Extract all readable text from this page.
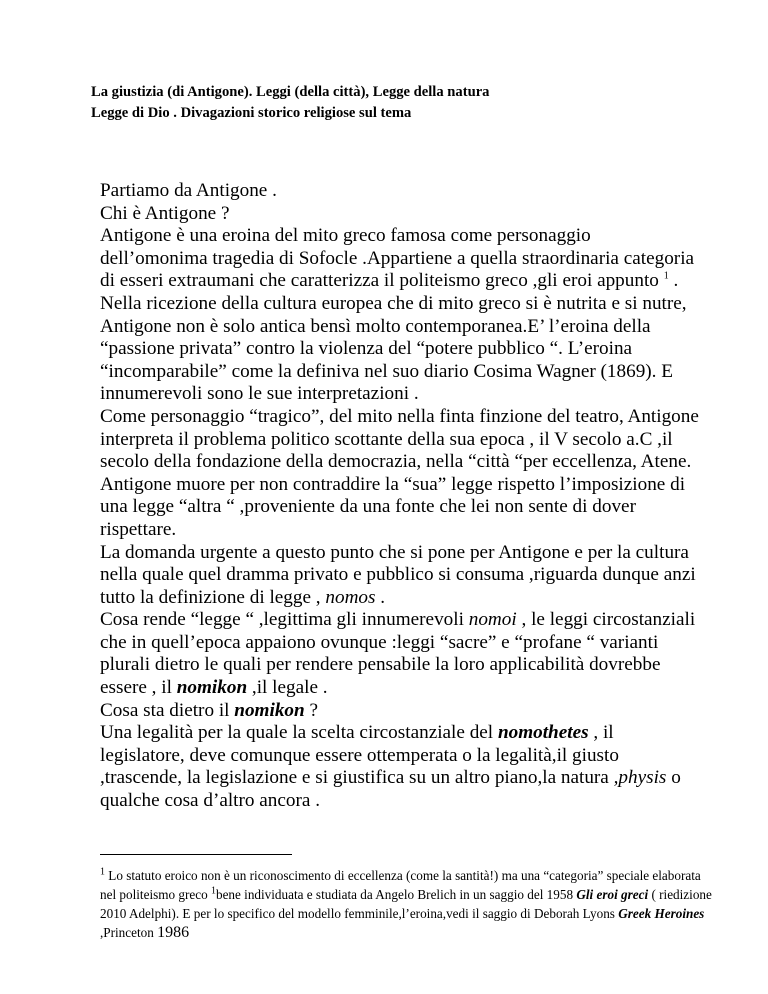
La giustizia (di Antigone). Leggi (della città), Legge della natura
Legge di Dio . Divagazioni storico religiose sul tema

Partiamo da Antigone .

Chi è Antigone ?

Antigone è una eroina del mito greco famosa come personaggio dell’omonima tragedia di Sofocle .Appartiene a quella straordinaria categoria di esseri extraumani che caratterizza il politeismo greco ,gli eroi appunto $^1$ .

Nella ricezione della cultura europea che di mito greco si è nutrita e si nutre, Antigone non è solo antica bensì molto contemporanea.E’ l’eroina della “passione privata” contro la violenza del “potere pubblico “. L’eroina “incomparabile” come la definiva nel suo diario Cosima Wagner (1869). E innumerevoli sono le sue interpretazioni .

Come personaggio “tragico”, del mito nella finta finzione del teatro, Antigone interpreta il problema politico scottante della sua epoca , il V secolo a.C ,il secolo della fondazione della democrazia, nella “città “per eccellenza, Atene.

Antigone muore per non contraddire la “sua” legge rispetto l’imposizione di una legge “altra “ ,proveniente da una fonte che lei non sente di dover rispettare.

La domanda urgente a questo punto che si pone per Antigone e per la cultura nella quale quel dramma privato e pubblico si consuma ,riguarda dunque anzi tutto la definizione di legge , nomos .

Cosa rende “legge “ ,legittima gli innumerevoli nomoi , le leggi circostanziali che in quell’epoca appaiono ovunque :leggi “sacre” e “profane “ varianti plurali dietro le quali per rendere pensabile la loro applicabilità dovrebbe essere , il nomikon ,il legale .

Cosa sta dietro il nomikon ?

Una legalità per la quale la scelta circostanziale del nomothetes , il legislatore, deve comunque essere ottemperata o la legalità,il giusto ,trascende, la legislazione e si giustifica su un altro piano,la natura ,physis o qualche cosa d’altro ancora .

$^1$ Lo statuto eroico non è un riconoscimento di eccellenza (come la santità!) ma una “categoria” speciale elaborata nel politeismo greco $^1$bene individuata e studiata da Angelo Brelich in un saggio del 1958 Gli eroi greci ( riedizione 2010 Adelphi). E per lo specifico del modello femminile,l’eroina,vedi il saggio di Deborah Lyons Greek Heroines ,Princeton 1986
